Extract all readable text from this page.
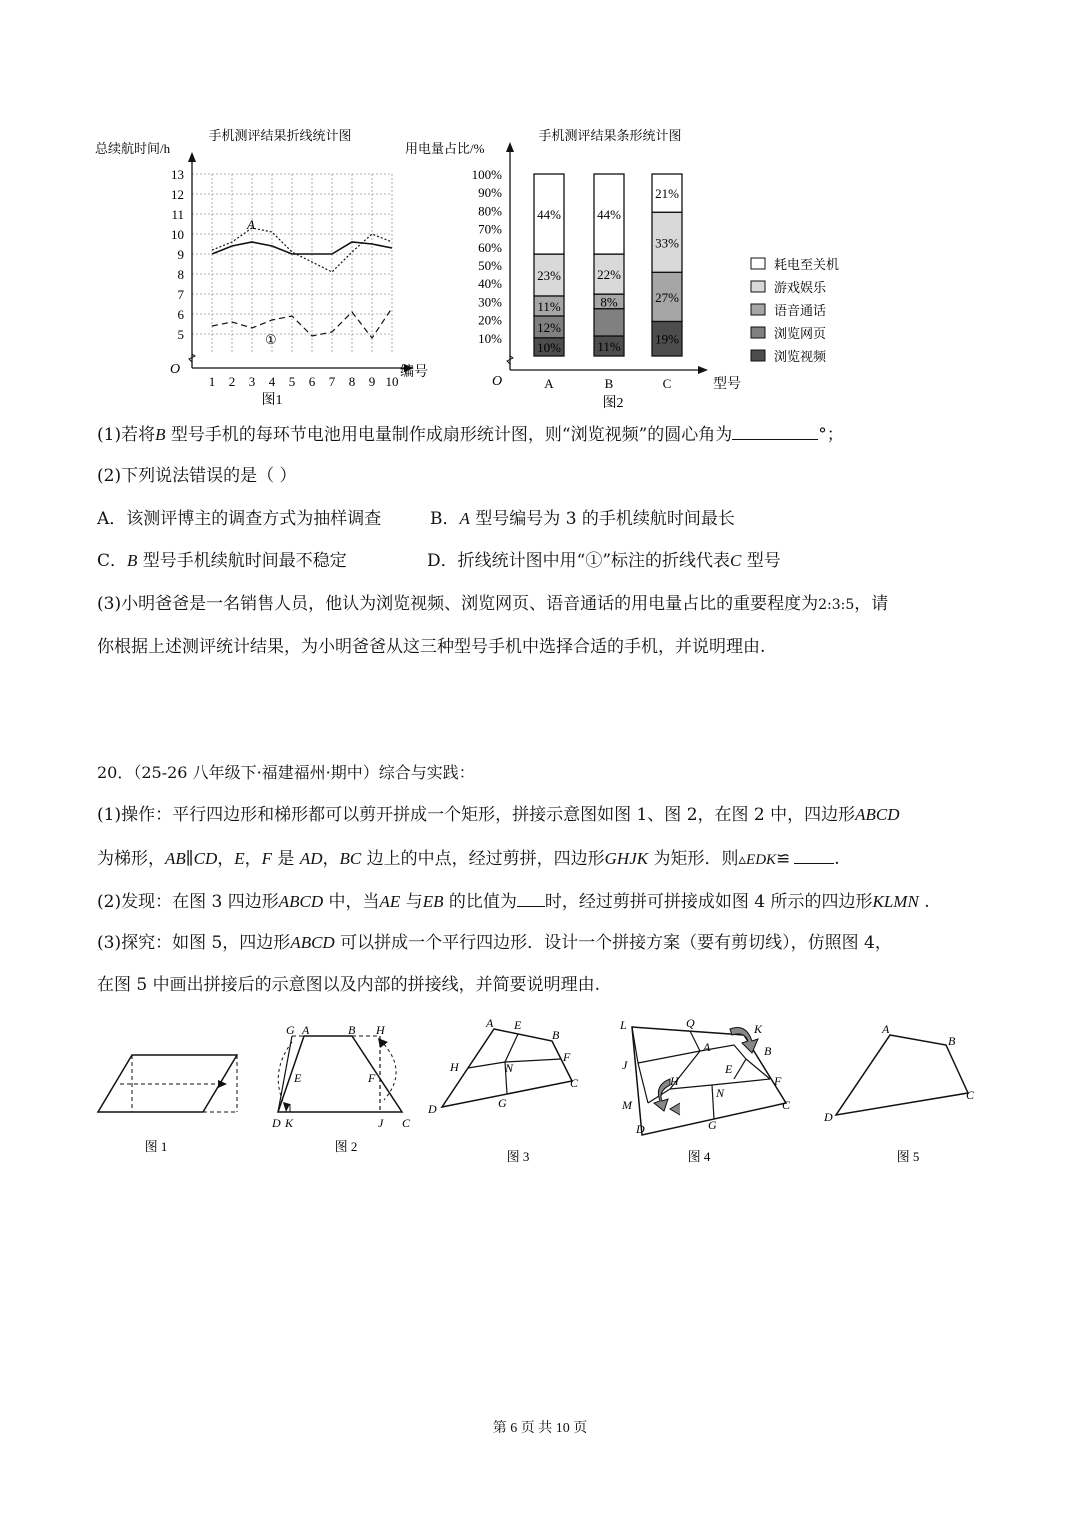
手机测评结果折线统计图
总续航时间/h
5
6
7
8
9
10
11
12
13
1 2 3 4 5 6 7 8 9 10
O	编号
A
①
图1
手机测评结果条形统计图
用电量占比/%
10%
20%
30%
40%
50%
60%
70%
80%
90%
100%
10%
12%
11%
23%
44%
11%
8%
22%
44%
19%
27%
33%
21%
A	B	C
耗电至关机
游戏娱乐
语音通话
浏览网页
浏览视频
O	型号
图2
(1)若将B 型号手机的每环节电池用电量制作成扇形统计图，则“浏览视频”的圆心角为	°；
(2)下列说法错误的是（ ）
A．该测评博主的调查方式为抽样调查	B．A 型号编号为 3 的手机续航时间最长
C．B 型号手机续航时间最不稳定	D．折线统计图中用“①”标注的折线代表C 型号
(3)小明爸爸是一名销售人员，他认为浏览视频、浏览网页、语音通话的用电量占比的重要程度为2:3:5，请
你根据上述测评统计结果，为小明爸爸从这三种型号手机中选择合适的手机，并说明理由.
20．（25-26 八年级下·福建福州·期中）综合与实践：
(1)操作：平行四边形和梯形都可以剪开拼成一个矩形，拼接示意图如图 1、图 2，在图 2 中，四边形ABCD
为梯形，AB∥CD，E，F 是 AD，BC 边上的中点，经过剪拼，四边形GHJK 为矩形．则▵EDK≌	.
(2)发现：在图 3 四边形ABCD 中，当AE 与EB 的比值为 时，经过剪拼可拼接成如图 4 所示的四边形KLMN .
(3)探究：如图 5，四边形ABCD 可以拼成一个平行四边形．设计一个拼接方案（要有剪切线），仿照图 4，
在图 5 中画出拼接后的示意图以及内部的拼接线，并简要说明理由.
图 1
G A	B H
E	F
D K	J C
图 2
A E
B
H	N
F
C
D	G
图 3
L	Q	K
A	B
J	E
H	F
M
N
C
D	G
图 4
A
B
C
D
图 5
第 6 页 共 10 页
